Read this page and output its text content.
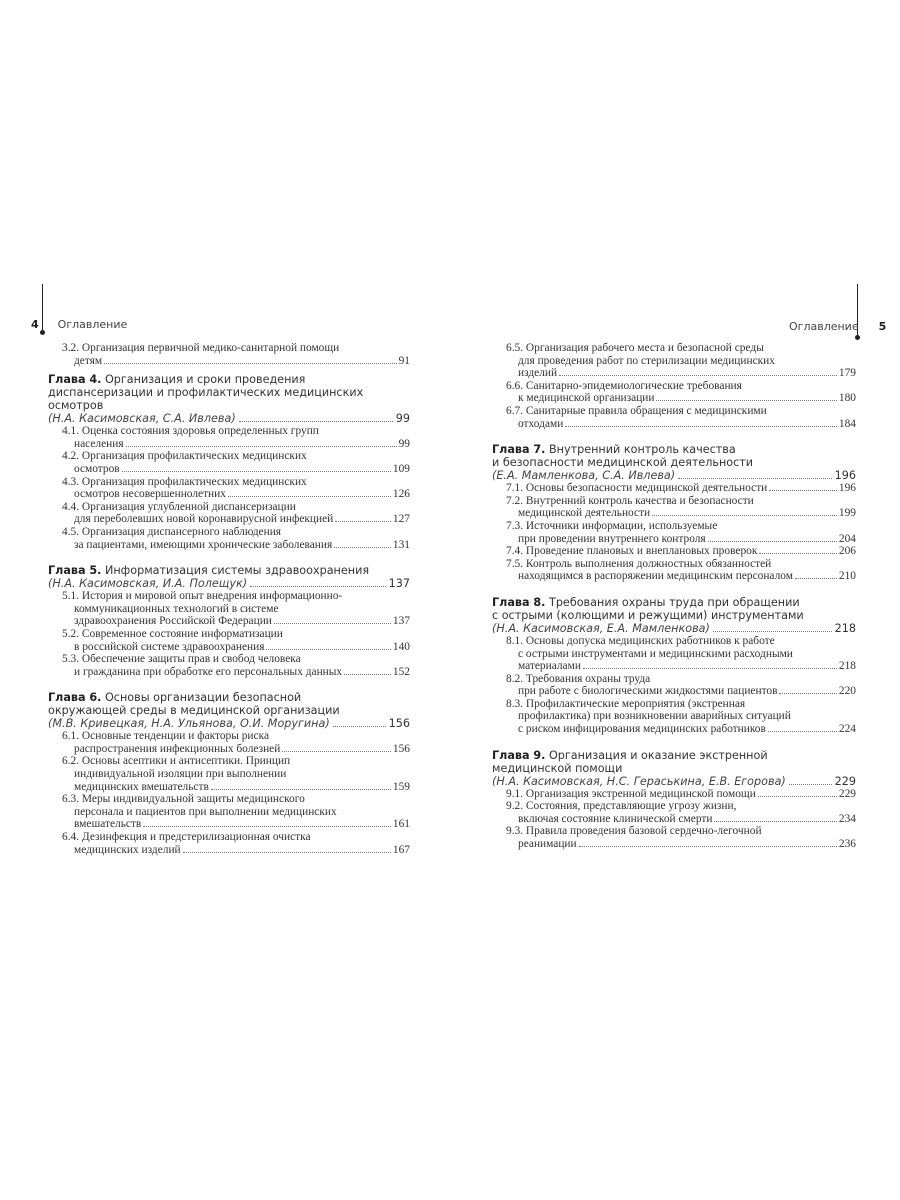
4 Оглавление	Оглавление 5
3.2. Организация первичной медико-санитарной помощи
детям	91
Глава 4. Организация и сроки проведения
диспансеризации и профилактических медицинских
осмотров
(Н.А. Касимовская, С.А. Ивлева)	99
4.1. Оценка состояния здоровья определенных групп
населения	99
4.2. Организация профилактических медицинских
осмотров	109
4.3. Организация профилактических медицинских
осмотров несовершеннолетних	126
4.4. Организация углубленной диспансеризации
для переболевших новой коронавирусной инфекцией	127
4.5. Организация диспансерного наблюдения
за пациентами, имеющими хронические заболевания	131
Глава 5. Информатизация системы здравоохранения
(Н.А. Касимовская, И.А. Полещук)	137
5.1. История и мировой опыт внедрения информационно-
коммуникационных технологий в системе
здравоохранения Российской Федерации	137
5.2. Современное состояние информатизации
в российской системе здравоохранения	140
5.3. Обеспечение защиты прав и свобод человека
и гражданина при обработке его персональных данных	152
Глава 6. Основы организации безопасной
окружающей среды в медицинской организации
(М.В. Кривецкая, Н.А. Ульянова, О.И. Моругина)	156
6.1. Основные тенденции и факторы риска
распространения инфекционных болезней	156
6.2. Основы асептики и антисептики. Принцип
индивидуальной изоляции при выполнении
медицинских вмешательств	159
6.3. Меры индивидуальной защиты медицинского
персонала и пациентов при выполнении медицинских
вмешательств	161
6.4. Дезинфекция и предстерилизационная очистка
медицинских изделий	167
6.5. Организация рабочего места и безопасной среды
для проведения работ по стерилизации медицинских
изделий	179
6.6. Санитарно-эпидемиологические требования
к медицинской организации	180
6.7. Санитарные правила обращения с медицинскими
отходами	184
Глава 7. Внутренний контроль качества
и безопасности медицинской деятельности
(Е.А. Мамленкова, С.А. Ивлева)	196
7.1. Основы безопасности медицинской деятельности	196
7.2. Внутренний контроль качества и безопасности
медицинской деятельности	199
7.3. Источники информации, используемые
при проведении внутреннего контроля	204
7.4. Проведение плановых и внеплановых проверок	206
7.5. Контроль выполнения должностных обязанностей
находящимся в распоряжении медицинским персоналом	210
Глава 8. Требования охраны труда при обращении
с острыми (колющими и режущими) инструментами
(Н.А. Касимовская, Е.А. Мамленкова)	218
8.1. Основы допуска медицинских работников к работе
с острыми инструментами и медицинскими расходными
материалами	218
8.2. Требования охраны труда
при работе с биологическими жидкостями пациентов	220
8.3. Профилактические мероприятия (экстренная
профилактика) при возникновении аварийных ситуаций
с риском инфицирования медицинских работников	224
Глава 9. Организация и оказание экстренной
медицинской помощи
(Н.А. Касимовская, Н.С. Гераськина, Е.В. Егорова)	229
9.1. Организация экстренной медицинской помощи	229
9.2. Состояния, представляющие угрозу жизни,
включая состояние клинической смерти	234
9.3. Правила проведения базовой сердечно-легочной
реанимации	236
